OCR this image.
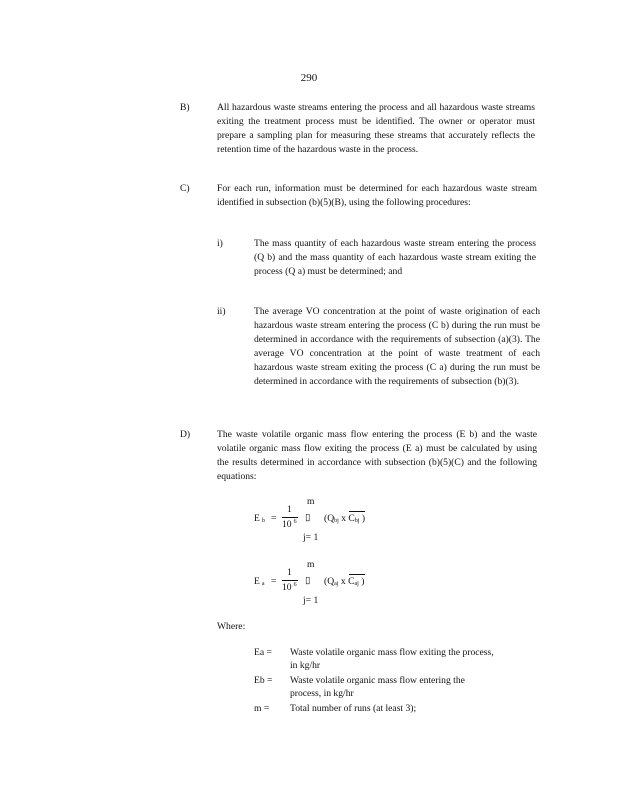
290
B)	All hazardous waste streams entering the process and all hazardous waste streams exiting the treatment process must be identified. The owner or operator must prepare a sampling plan for measuring these streams that accurately reflects the retention time of the hazardous waste in the process.

C)	For each run, information must be determined for each hazardous waste stream identified in subsection (b)(5)(B), using the following procedures:

i)	The mass quantity of each hazardous waste stream entering the process (Q b) and the mass quantity of each hazardous waste stream exiting the process (Q a) must be determined; and

ii)	The average VO concentration at the point of waste origination of each hazardous waste stream entering the process (C b) during the run must be determined in accordance with the requirements of subsection (a)(3). The average VO concentration at the point of waste treatment of each hazardous waste stream exiting the process (C a) during the run must be determined in accordance with the requirements of subsection (b)(3).

D)	The waste volatile organic mass flow entering the process (E b) and the waste volatile organic mass flow exiting the process (E a) must be calculated by using the results determined in accordance with subsection (b)(5)(C) and the following equations:

Eb =
1
10 $^6$
m
▯
j= 1
(Qbj x Cbj )
Ea =
1
10 $^6$
m
▯
j= 1
(Qaj x Caj )
Where:
Ea = Waste volatile organic mass flow exiting the process, in kg/hr
Eb = Waste volatile organic mass flow entering the process, in kg/hr
m = Total number of runs (at least 3);
